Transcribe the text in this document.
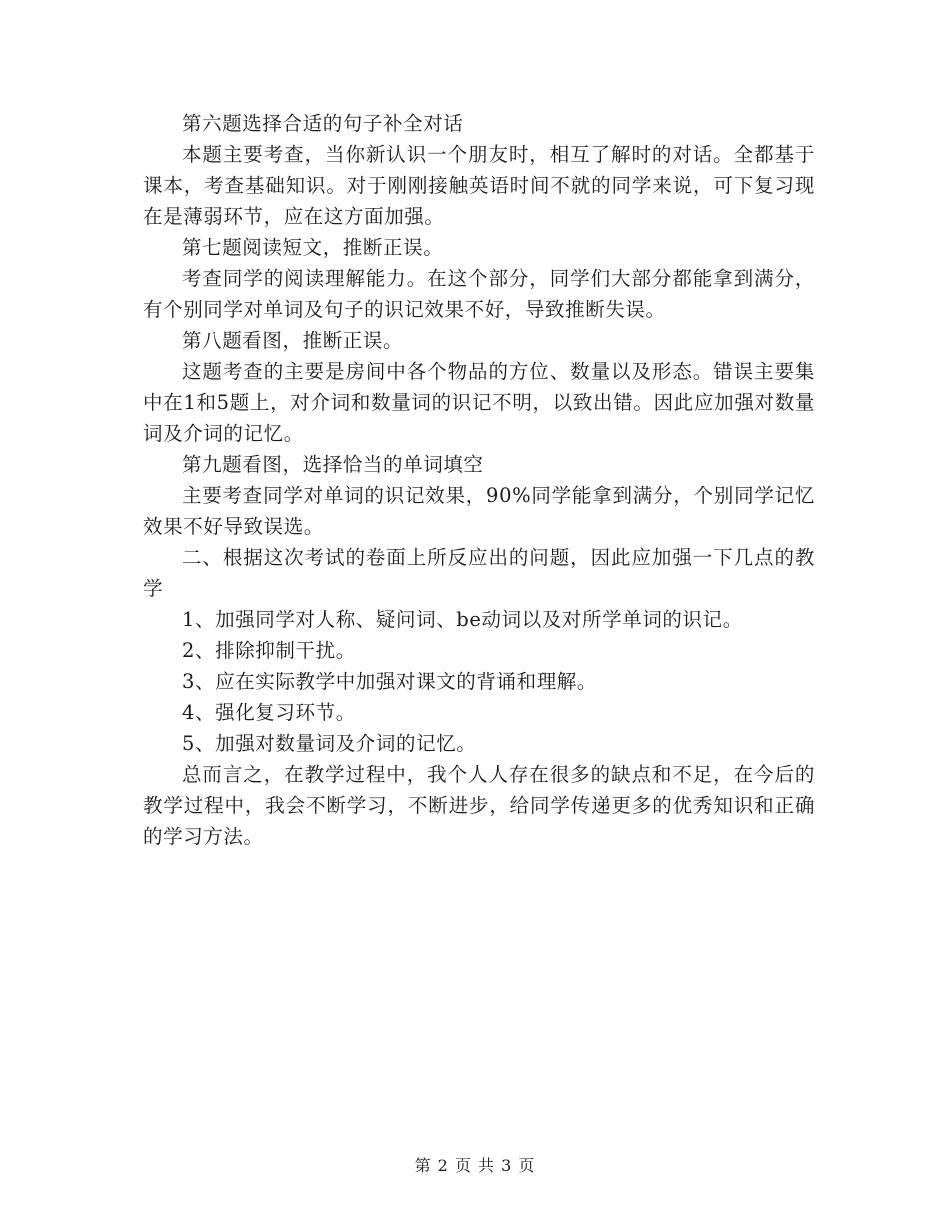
第六题选择合适的句子补全对话

本题主要考查，当你新认识一个朋友时，相互了解时的对话。全都基于课本，考查基础知识。对于刚刚接触英语时间不就的同学来说，可下复习现在是薄弱环节，应在这方面加强。

第七题阅读短文，推断正误。

考查同学的阅读理解能力。在这个部分，同学们大部分都能拿到满分，有个别同学对单词及句子的识记效果不好，导致推断失误。

第八题看图，推断正误。

这题考查的主要是房间中各个物品的方位、数量以及形态。错误主要集中在1和5题上，对介词和数量词的识记不明，以致出错。因此应加强对数量词及介词的记忆。

第九题看图，选择恰当的单词填空

主要考查同学对单词的识记效果，90%同学能拿到满分，个别同学记忆效果不好导致误选。

二、根据这次考试的卷面上所反应出的问题，因此应加强一下几点的教学

1、加强同学对人称、疑问词、be动词以及对所学单词的识记。

2、排除抑制干扰。

3、应在实际教学中加强对课文的背诵和理解。

4、强化复习环节。

5、加强对数量词及介词的记忆。

总而言之，在教学过程中，我个人人存在很多的缺点和不足，在今后的教学过程中，我会不断学习，不断进步，给同学传递更多的优秀知识和正确的学习方法。

第 2 页 共 3 页
